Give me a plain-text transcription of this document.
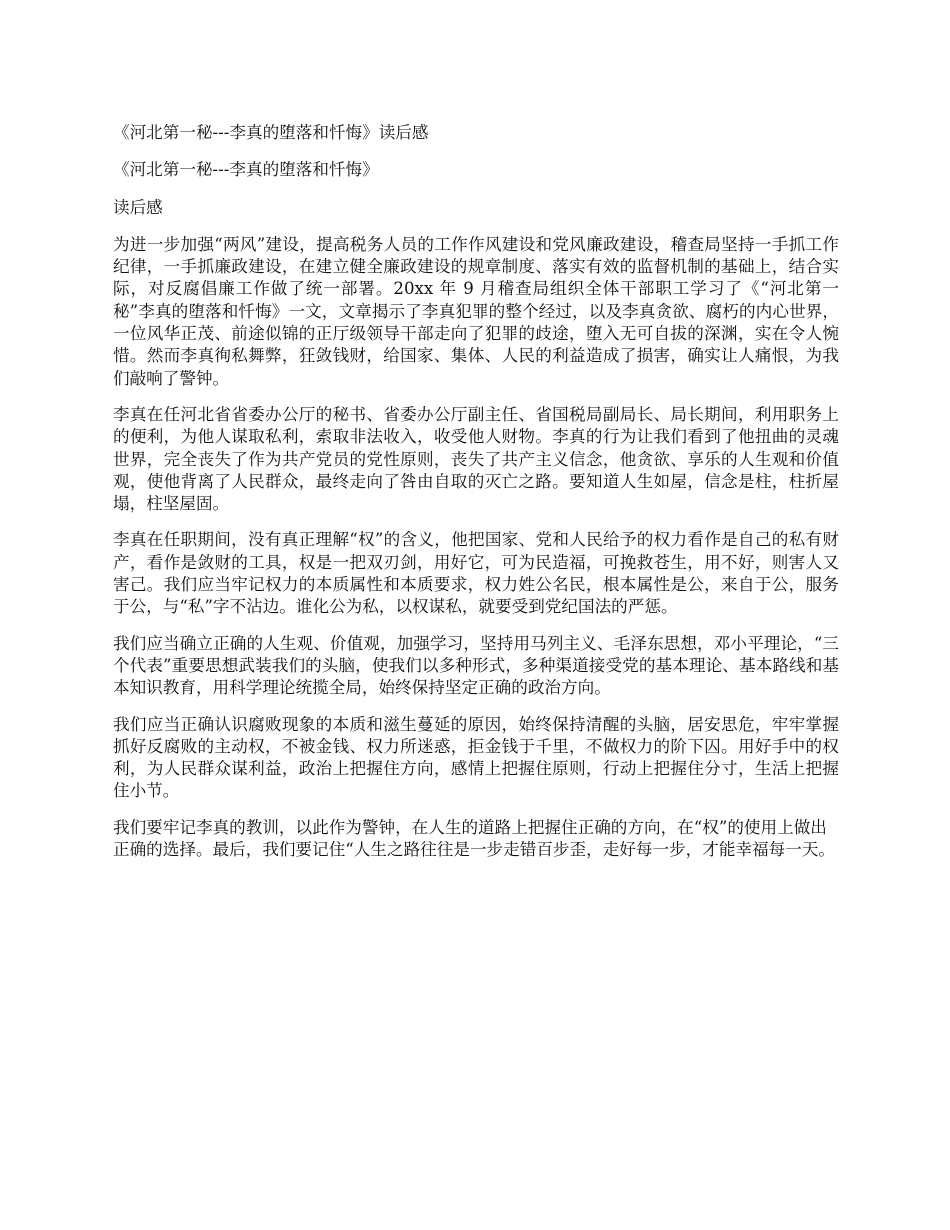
《河北第一秘---李真的堕落和忏悔》读后感
《河北第一秘---李真的堕落和忏悔》
读后感

为进一步加强“两风”建设，提高税务人员的工作作风建设和党风廉政建设，稽查局坚持一手抓工作纪律，一手抓廉政建设，在建立健全廉政建设的规章制度、落实有效的监督机制的基础上，结合实际，对反腐倡廉工作做了统一部署。20xx 年 9 月稽查局组织全体干部职工学习了《“河北第一秘”李真的堕落和忏悔》一文，文章揭示了李真犯罪的整个经过，以及李真贪欲、腐朽的内心世界，一位风华正茂、前途似锦的正厅级领导干部走向了犯罪的歧途，堕入无可自拔的深渊，实在令人惋惜。然而李真徇私舞弊，狂敛钱财，给国家、集体、人民的利益造成了损害，确实让人痛恨，为我们敲响了警钟。

李真在任河北省省委办公厅的秘书、省委办公厅副主任、省国税局副局长、局长期间，利用职务上的便利，为他人谋取私利，索取非法收入，收受他人财物。李真的行为让我们看到了他扭曲的灵魂世界，完全丧失了作为共产党员的党性原则，丧失了共产主义信念，他贪欲、享乐的人生观和价值观，使他背离了人民群众，最终走向了咎由自取的灭亡之路。要知道人生如屋，信念是柱，柱折屋塌，柱坚屋固。

李真在任职期间，没有真正理解“权”的含义，他把国家、党和人民给予的权力看作是自己的私有财产，看作是敛财的工具，权是一把双刃剑，用好它，可为民造福，可挽救苍生，用不好，则害人又害己。我们应当牢记权力的本质属性和本质要求，权力姓公名民，根本属性是公，来自于公，服务于公，与“私”字不沾边。谁化公为私，以权谋私，就要受到党纪国法的严惩。

我们应当确立正确的人生观、价值观，加强学习，坚持用马列主义、毛泽东思想，邓小平理论，“三个代表”重要思想武装我们的头脑，使我们以多种形式，多种渠道接受党的基本理论、基本路线和基本知识教育，用科学理论统揽全局，始终保持坚定正确的政治方向。

我们应当正确认识腐败现象的本质和滋生蔓延的原因，始终保持清醒的头脑，居安思危，牢牢掌握抓好反腐败的主动权，不被金钱、权力所迷惑，拒金钱于千里，不做权力的阶下囚。用好手中的权利，为人民群众谋利益，政治上把握住方向，感情上把握住原则，行动上把握住分寸，生活上把握住小节。

我们要牢记李真的教训，以此作为警钟，在人生的道路上把握住正确的方向，在“权”的使用上做出正确的选择。最后，我们要记住“人生之路往往是一步走错百步歪，走好每一步，才能幸福每一天。
